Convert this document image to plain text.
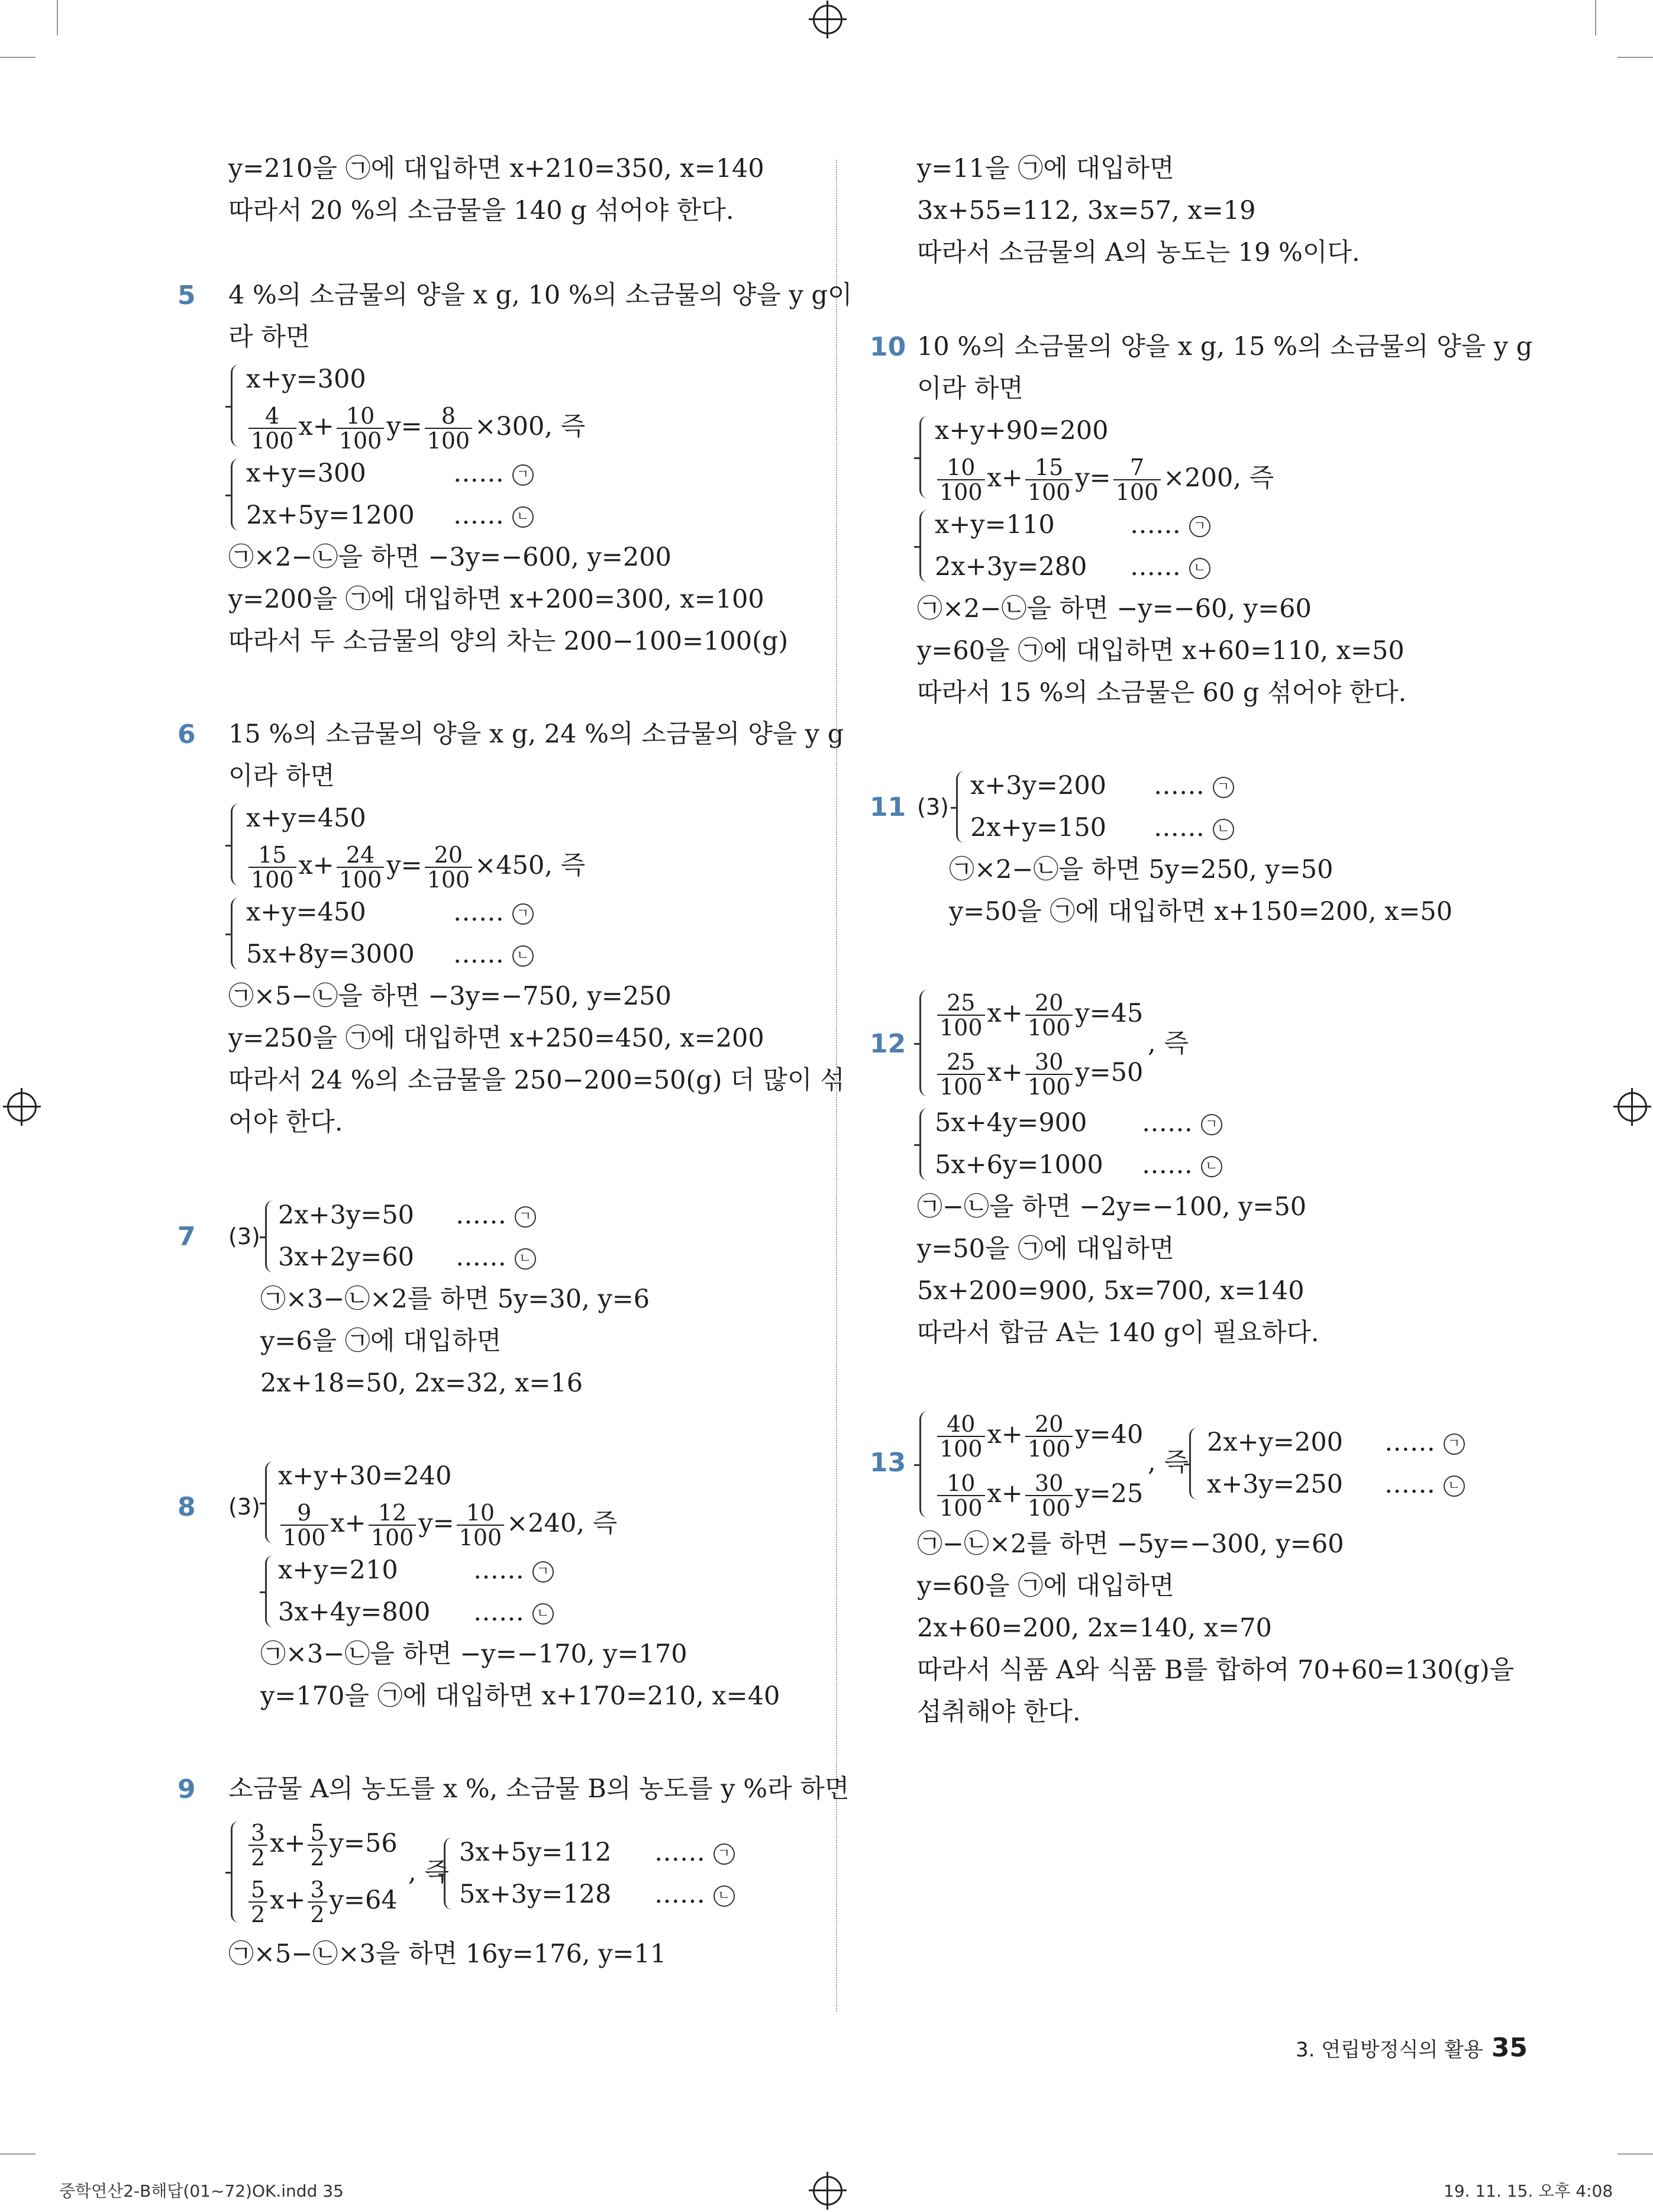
y=210을 ㉠에 대입하면 x+210=350, x=140
따라서 20 %의 소금물을 140 g 섞어야 한다.
5	4 %의 소금물의 양을 x g, 10 %의 소금물의 양을 y g이
라 하면
x+y=300
$\frac{4}{100} x+ \frac{10}{100} y= \frac{8}{100} \times 300$, 즉
x+y=300	…… ㄱ
2x+5y=1200 …… ㄴ
㉠×2−㉡을 하면 −3y=−600, y=200
y=200을 ㉠에 대입하면 x+200=300, x=100
따라서 두 소금물의 양의 차는 200−100=100(g)
6	15 %의 소금물의 양을 x g, 24 %의 소금물의 양을 y g
이라 하면
x+y=450
$\frac{15}{100} x+ \frac{24}{100} y= \frac{20}{100} \times 450$, 즉
x+y=450	…… ㄱ
5x+8y=3000 …… ㄴ
㉠×5−㉡을 하면 −3y=−750, y=250
y=250을 ㉠에 대입하면 x+250=450, x=200
따라서 24 %의 소금물을 250−200=50(g) 더 많이 섞
어야 한다.
7 (3)
2x+3y=50 …… ㄱ
3x+2y=60 …… ㄴ
㉠×3−㉡×2를 하면 5y=30, y=6
y=6을 ㉠에 대입하면
2x+18=50, 2x=32, x=16
8 (3)
x+y+30=240
$\frac{9}{100} x+ \frac{12}{100} y= \frac{10}{100} \times 240$, 즉
x+y=210	…… ㄱ
3x+4y=800 …… ㄴ
㉠×3−㉡을 하면 −y=−170, y=170
y=170을 ㉠에 대입하면 x+170=210, x=40
9	소금물 A의 농도를 x %, 소금물 B의 농도를 y %라 하면
$\frac{3}{2} x+ \frac{5}{2} y=56$
$\frac{5}{2} x+ \frac{3}{2} y=64$
, 즉
3x+5y=112 …… ㄱ
5x+3y=128 …… ㄴ
㉠×5−㉡×3을 하면 16y=176, y=11
y=11을 ㉠에 대입하면
3x+55=112, 3x=57, x=19
따라서 소금물의 A의 농도는 19 %이다.
10 10 %의 소금물의 양을 x g, 15 %의 소금물의 양을 y g
이라 하면
x+y+90=200
$\frac{10}{100} x+ \frac{15}{100} y= \frac{7}{100} \times 200$, 즉
x+y=110	…… ㄱ
2x+3y=280 …… ㄴ
㉠×2−㉡을 하면 −y=−60, y=60
y=60을 ㉠에 대입하면 x+60=110, x=50
따라서 15 %의 소금물은 60 g 섞어야 한다.
11 (3)
x+3y=200 …… ㄱ
2x+y=150 …… ㄴ
㉠×2−㉡을 하면 5y=250, y=50
y=50을 ㉠에 대입하면 x+150=200, x=50
12
$\frac{25}{100} x+ \frac{20}{100} y=45$
$\frac{25}{100} x+ \frac{30}{100} y=50$
, 즉
5x+4y=900 …… ㄱ
5x+6y=1000 …… ㄴ
㉠−㉡을 하면 −2y=−100, y=50
y=50을 ㉠에 대입하면
5x+200=900, 5x=700, x=140
따라서 합금 A는 140 g이 필요하다.
13
$\frac{40}{100} x+ \frac{20}{100} y=40$
$\frac{10}{100} x+ \frac{30}{100} y=25$
, 즉
2x+y=200 …… ㄱ
x+3y=250 …… ㄴ
㉠−㉡×2를 하면 −5y=−300, y=60
y=60을 ㉠에 대입하면
2x+60=200, 2x=140, x=70
따라서 식품 A와 식품 B를 합하여 70+60=130(g)을
섭취해야 한다.
3. 연립방정식의 활용 35
중학연산2-B해답(01~72)OK.indd 35	19. 11. 15. 오후 4:08
